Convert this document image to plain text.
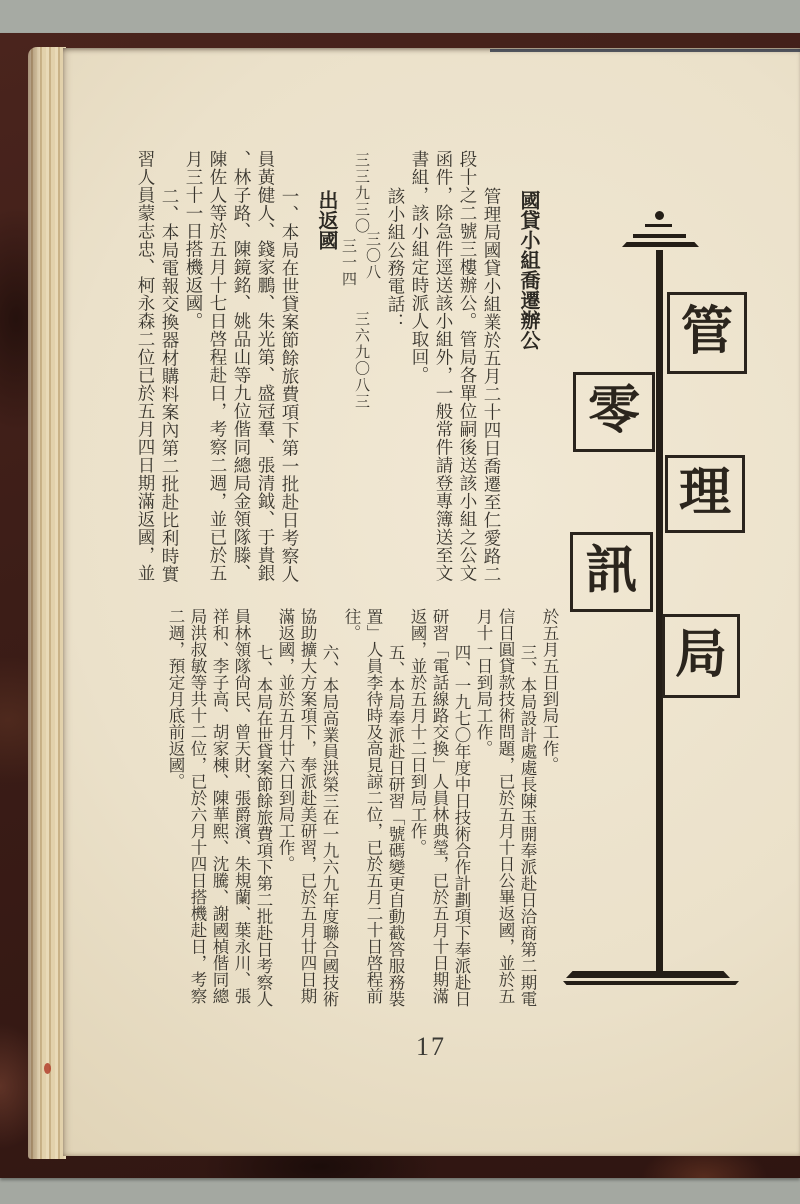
管
零
理
訊
局
國貸小組喬遷辦公
管理局國貸小組業於五月二十四日喬遷至仁愛路二
段十之二號三樓辦公。管局各單位嗣後送該小組之公文
函件，除急件逕送該小組外，一般常件請登專簿送至文
書組，該小組定時派人取回。
該小組公務電話：
三三九三〇
三〇八
三一四
三六九〇八三
出返國
一、本局在世貸案節餘旅費項下第一批赴日考察人
員黃健人、錢家鵬、朱光第、盛冠羣、張清鉞、于貴銀
、林子路、陳鏡銘、姚品山等九位偕同總局金領隊滕、
陳佐人等於五月十七日啓程赴日，考察二週，並已於五
月三十一日搭機返國。
二、本局電報交換器材購料案內第二批赴比利時實
習人員蒙志忠、柯永森二位已於五月四日期滿返國，並
於五月五日到局工作。
三、本局設計處處長陳玉開奉派赴日洽商第二期電
信日圓貸款技術問題，已於五月十日公畢返國，並於五
月十一日到局工作。
四、一九七〇年度中日技術合作計劃項下奉派赴日
研習「電話線路交換」人員林典瑩，已於五月十日期滿
返國，並於五月十二日到局工作。
五、本局奉派赴日研習「號碼變更自動截答服務裝
置」人員李待時及高見諒二位，已於五月二十日啓程前
往。
六、本局高業員洪榮三在一九六九年度聯合國技術
協助擴大方案項下，奉派赴美研習，已於五月廿四日期
滿返國，並於五月廿六日到局工作。
七、本局在世貸案節餘旅費項下第二批赴日考察人
員林領隊尙民、曾天財、張爵濱、朱規蘭、葉永川、張
祥和、李子高、胡家棟、陳華熙、沈騰、謝國楨偕同總
局洪叔敏等共十二位，已於六月十四日搭機赴日，考察
二週，預定月底前返國。
17
